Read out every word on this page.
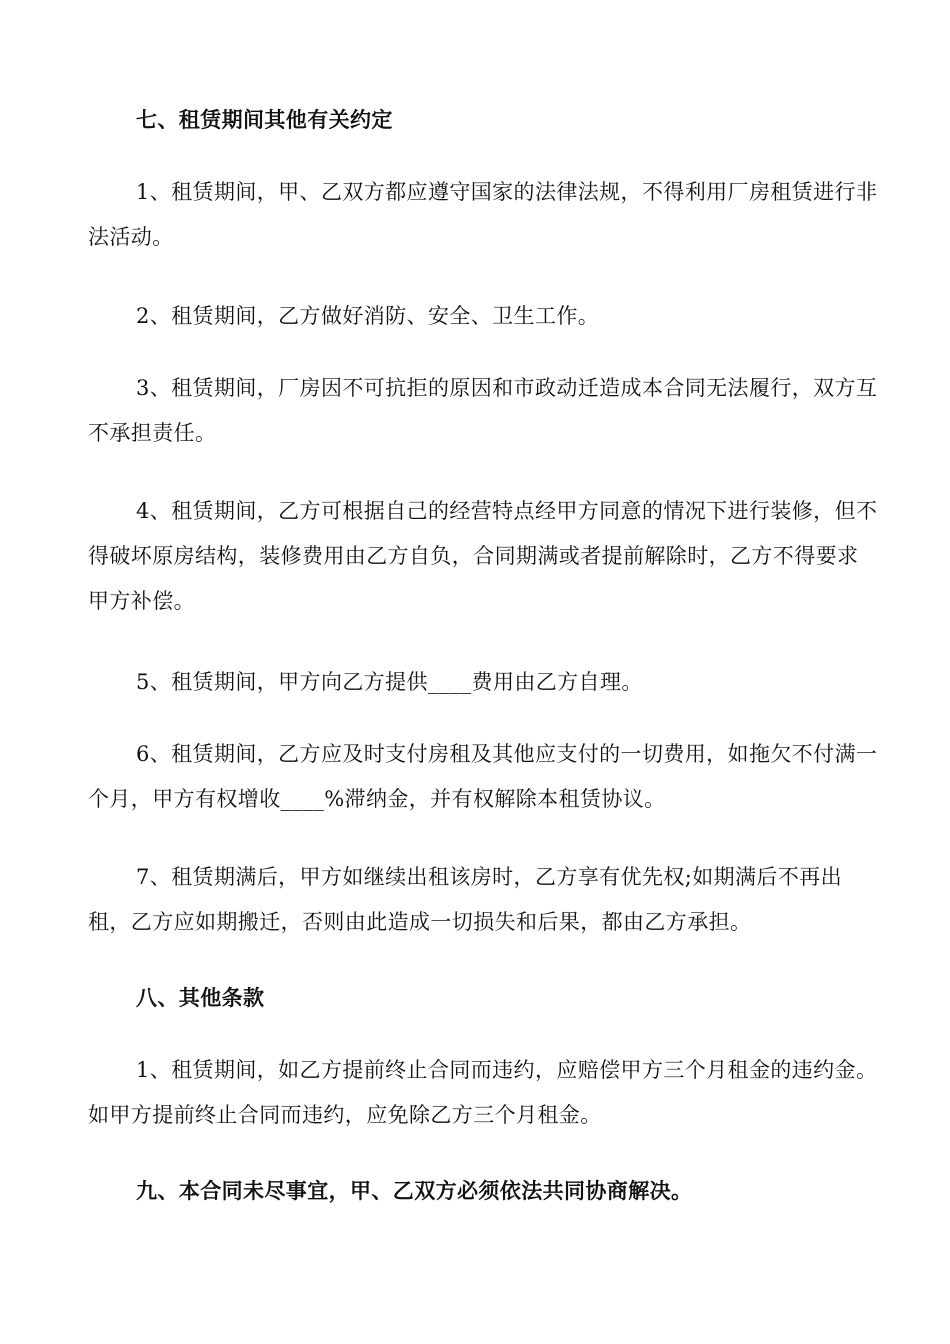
七、租赁期间其他有关约定

1、租赁期间，甲、乙双方都应遵守国家的法律法规，不得利用厂房租赁进行非法活动。

2、租赁期间，乙方做好消防、安全、卫生工作。

3、租赁期间，厂房因不可抗拒的原因和市政动迁造成本合同无法履行，双方互不承担责任。

4、租赁期间，乙方可根据自己的经营特点经甲方同意的情况下进行装修，但不得破坏原房结构，装修费用由乙方自负，合同期满或者提前解除时，乙方不得要求甲方补偿。

5、租赁期间，甲方向乙方提供____费用由乙方自理。

6、租赁期间，乙方应及时支付房租及其他应支付的一切费用，如拖欠不付满一个月，甲方有权增收____%滞纳金，并有权解除本租赁协议。

7、租赁期满后，甲方如继续出租该房时，乙方享有优先权;如期满后不再出租，乙方应如期搬迁，否则由此造成一切损失和后果，都由乙方承担。

八、其他条款

1、租赁期间，如乙方提前终止合同而违约，应赔偿甲方三个月租金的违约金。如甲方提前终止合同而违约，应免除乙方三个月租金。

九、本合同未尽事宜，甲、乙双方必须依法共同协商解决。
